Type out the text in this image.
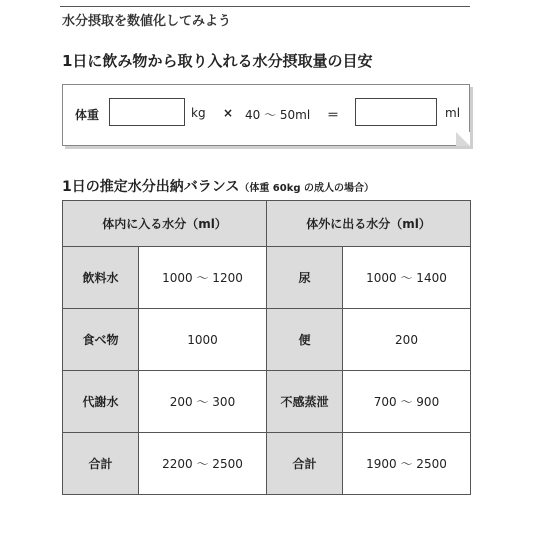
水分摂取を数値化してみよう
1日に飲み物から取り入れる水分摂取量の目安
体重	kg × 40 〜 50ml ＝	ml
1日の推定水分出納バランス（体重 60kg の成人の場合）
体内に入る水分（ml）		体外に出る水分（ml）	
飲料水	1000 〜 1200	尿	1000 〜 1400
食べ物	1000	便	200
代謝水	200 〜 300	不感蒸泄	700 〜 900
合計	2200 〜 2500	合計	1900 〜 2500
